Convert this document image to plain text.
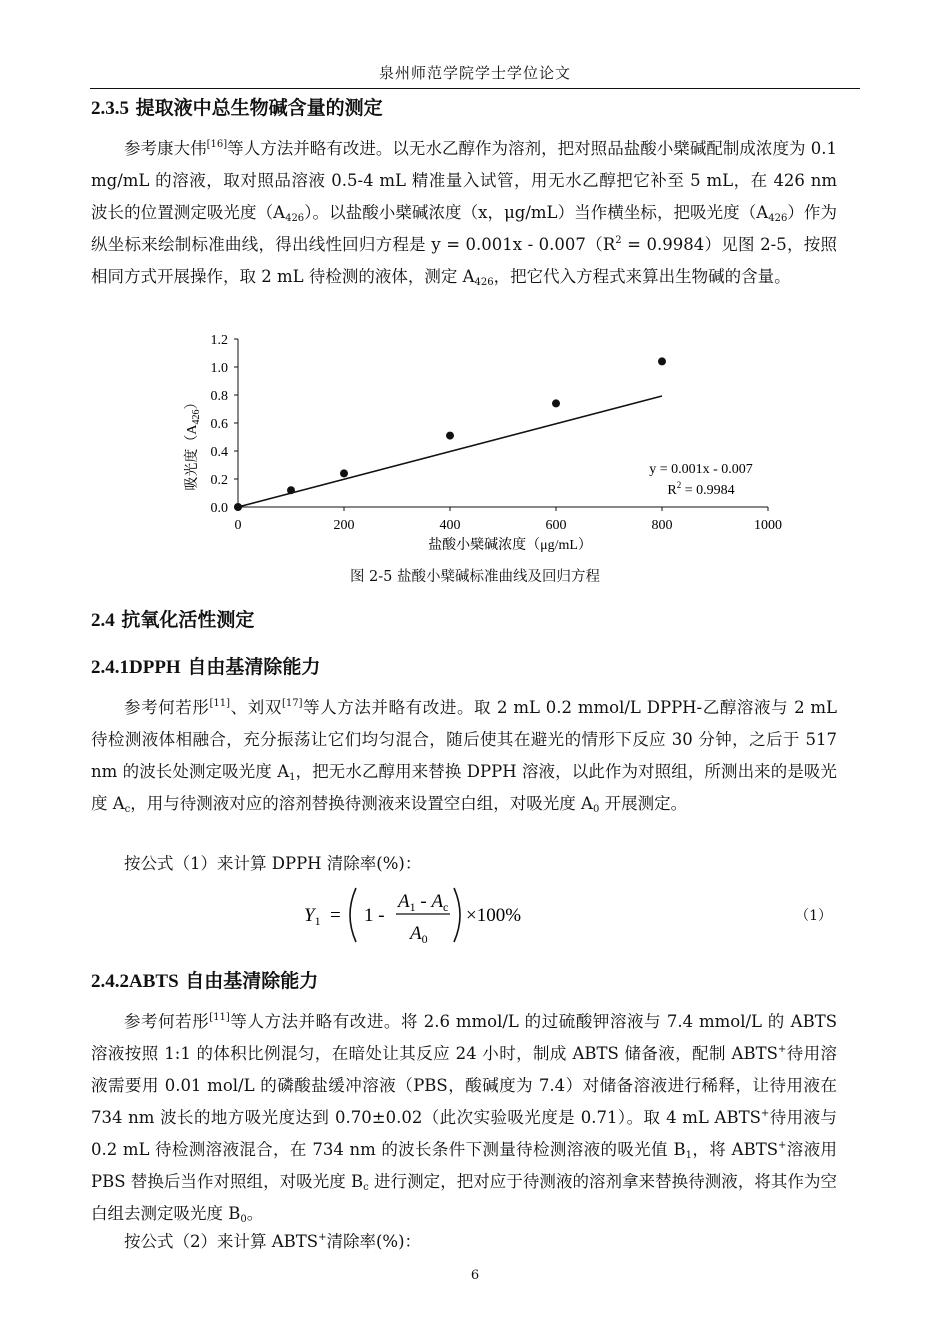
泉州师范学院学士学位论文
2.3.5 提取液中总生物碱含量的测定
参考康大伟[16]等人方法并略有改进。以无水乙醇作为溶剂，把对照品盐酸小檗碱配制成浓度为 0.1 mg/mL 的溶液，取对照品溶液 0.5-4 mL 精准量入试管，用无水乙醇把它补至 5 mL，在 426 nm 波长的位置测定吸光度$(A_{426})$。以盐酸小檗碱浓度（x，μg/mL）当作横坐标，把吸光度$(A_{426})$作为纵坐标来绘制标准曲线，得出线性回归方程是 $y = 0.001x - 0.007(R^2 = 0.9984)$见图 2-5，按照相同方式开展操作，取 2 mL 待检测的液体，测定 $A_{426}$，把它代入方程式来算出生物碱的含量。
0.0
0.2
0.4
0.6
0.8
1.0
1.2
0	200	400	600	800	1000
吸光度$(A_{426})$
盐酸小檗碱浓度（μg/mL）
y = 0.001x - 0.007
$R^2 = 0.9984$
图 2-5 盐酸小檗碱标准曲线及回归方程
2.4 抗氧化活性测定
2.4.1DPPH 自由基清除能力
参考何若彤[11]、刘双[17]等人方法并略有改进。取 2 mL 0.2 mmol/L DPPH-乙醇溶液与 2 mL 待检测液体相融合，充分振荡让它们均匀混合，随后使其在避光的情形下反应 30 分钟，之后于 517 nm 的波长处测定吸光度 $A_1$，把无水乙醇用来替换 DPPH 溶液，以此作为对照组，所测出来的是吸光度 $A_c$，用与待测液对应的溶剂替换待测液来设置空白组，对吸光度 $A_0$ 开展测定。
按公式（1）来计算 DPPH 清除率(%)：
$Y_1 = 1$ -
$A_1 - A_c$
$A_0$
×100%	（1）
2.4.2ABTS 自由基清除能力
参考何若彤[11]等人方法并略有改进。将 2.6 mmol/L 的过硫酸钾溶液与 7.4 mmol/L 的 ABTS 溶液按照 1:1 的体积比例混匀，在暗处让其反应 24 小时，制成 ABTS 储备液，配制 ABTS+待用溶液需要用 0.01 mol/L 的磷酸盐缓冲溶液（PBS，酸碱度为 7.4）对储备溶液进行稀释，让待用液在 734 nm 波长的地方吸光度达到 0.70±0.02（此次实验吸光度是 0.71）。取 4 mL ABTS+待用液与 0.2 mL 待检测溶液混合，在 734 nm 的波长条件下测量待检测溶液的吸光值 $B_1$，将 ABTS+溶液用 PBS 替换后当作对照组，对吸光度 $B_c$ 进行测定，把对应于待测液的溶剂拿来替换待测液，将其作为空白组去测定吸光度 $B_0$。
按公式（2）来计算 ABTS+清除率(%)：
6
